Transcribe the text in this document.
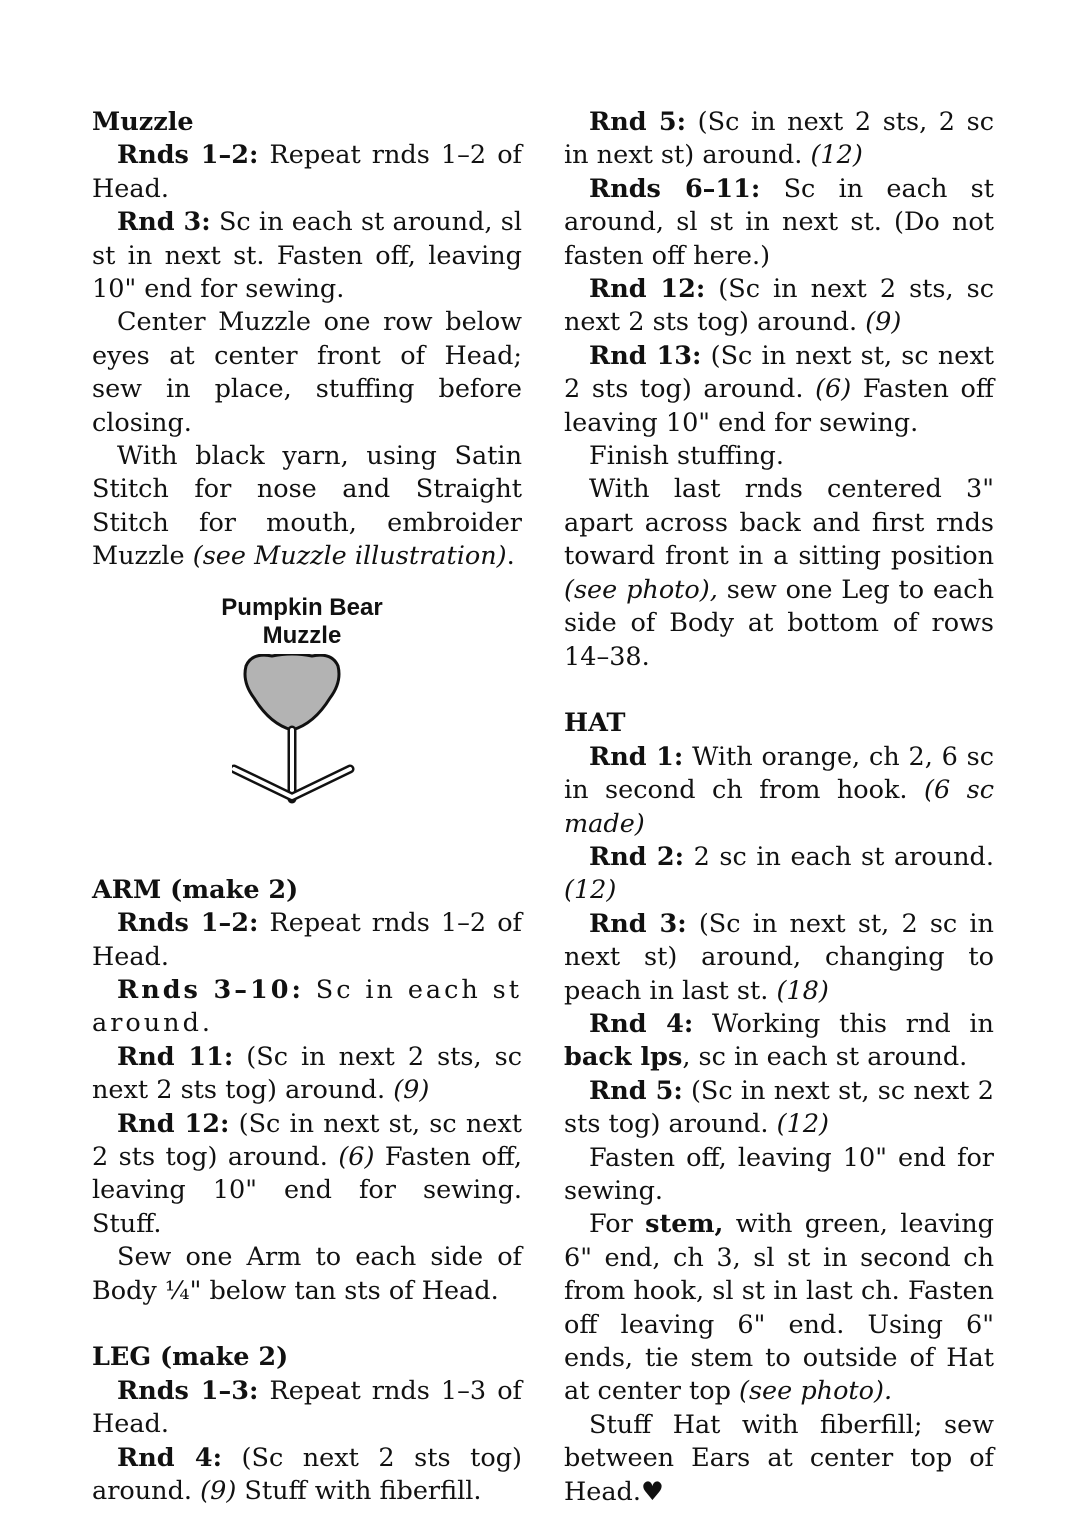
Muzzle

Rnds 1–2: Repeat rnds 1–2 of Head.

Rnd 3: Sc in each st around, sl st in next st. Fasten off, leaving 10" end for sewing.

Center Muzzle one row below eyes at center front of Head; sew in place, stuffing before closing.

With black yarn, using Satin Stitch for nose and Straight Stitch for mouth, embroider Muzzle (see Muzzle illustration).

Pumpkin Bear
Muzzle
ARM (make 2)

Rnds 1–2: Repeat rnds 1–2 of Head.

Rnds 3–10: Sc in each st around.

Rnd 11: (Sc in next 2 sts, sc next 2 sts tog) around. (9)

Rnd 12: (Sc in next st, sc next 2 sts tog) around. (6) Fasten off, leaving 10" end for sewing. Stuff.

Sew one Arm to each side of Body ¼" below tan sts of Head.

LEG (make 2)

Rnds 1–3: Repeat rnds 1–3 of Head.

Rnd 4: (Sc next 2 sts tog) around. (9) Stuff with fiberfill.

Rnd 5: (Sc in next 2 sts, 2 sc in next st) around. (12)

Rnds 6–11: Sc in each st around, sl st in next st. (Do not fasten off here.)

Rnd 12: (Sc in next 2 sts, sc next 2 sts tog) around. (9)

Rnd 13: (Sc in next st, sc next 2 sts tog) around. (6) Fasten off leaving 10" end for sewing.

Finish stuffing.

With last rnds centered 3" apart across back and first rnds toward front in a sitting position (see photo), sew one Leg to each side of Body at bottom of rows 14–38.

HAT

Rnd 1: With orange, ch 2, 6 sc in second ch from hook. (6 sc made)

Rnd 2: 2 sc in each st around. (12)

Rnd 3: (Sc in next st, 2 sc in next st) around, changing to peach in last st. (18)

Rnd 4: Working this rnd in back lps, sc in each st around.

Rnd 5: (Sc in next st, sc next 2 sts tog) around. (12)

Fasten off, leaving 10" end for sewing.

For stem, with green, leaving 6" end, ch 3, sl st in second ch from hook, sl st in last ch. Fasten off leaving 6" end. Using 6" ends, tie stem to outside of Hat at center top (see photo).

Stuff Hat with fiberfill; sew between Ears at center top of Head.♥
